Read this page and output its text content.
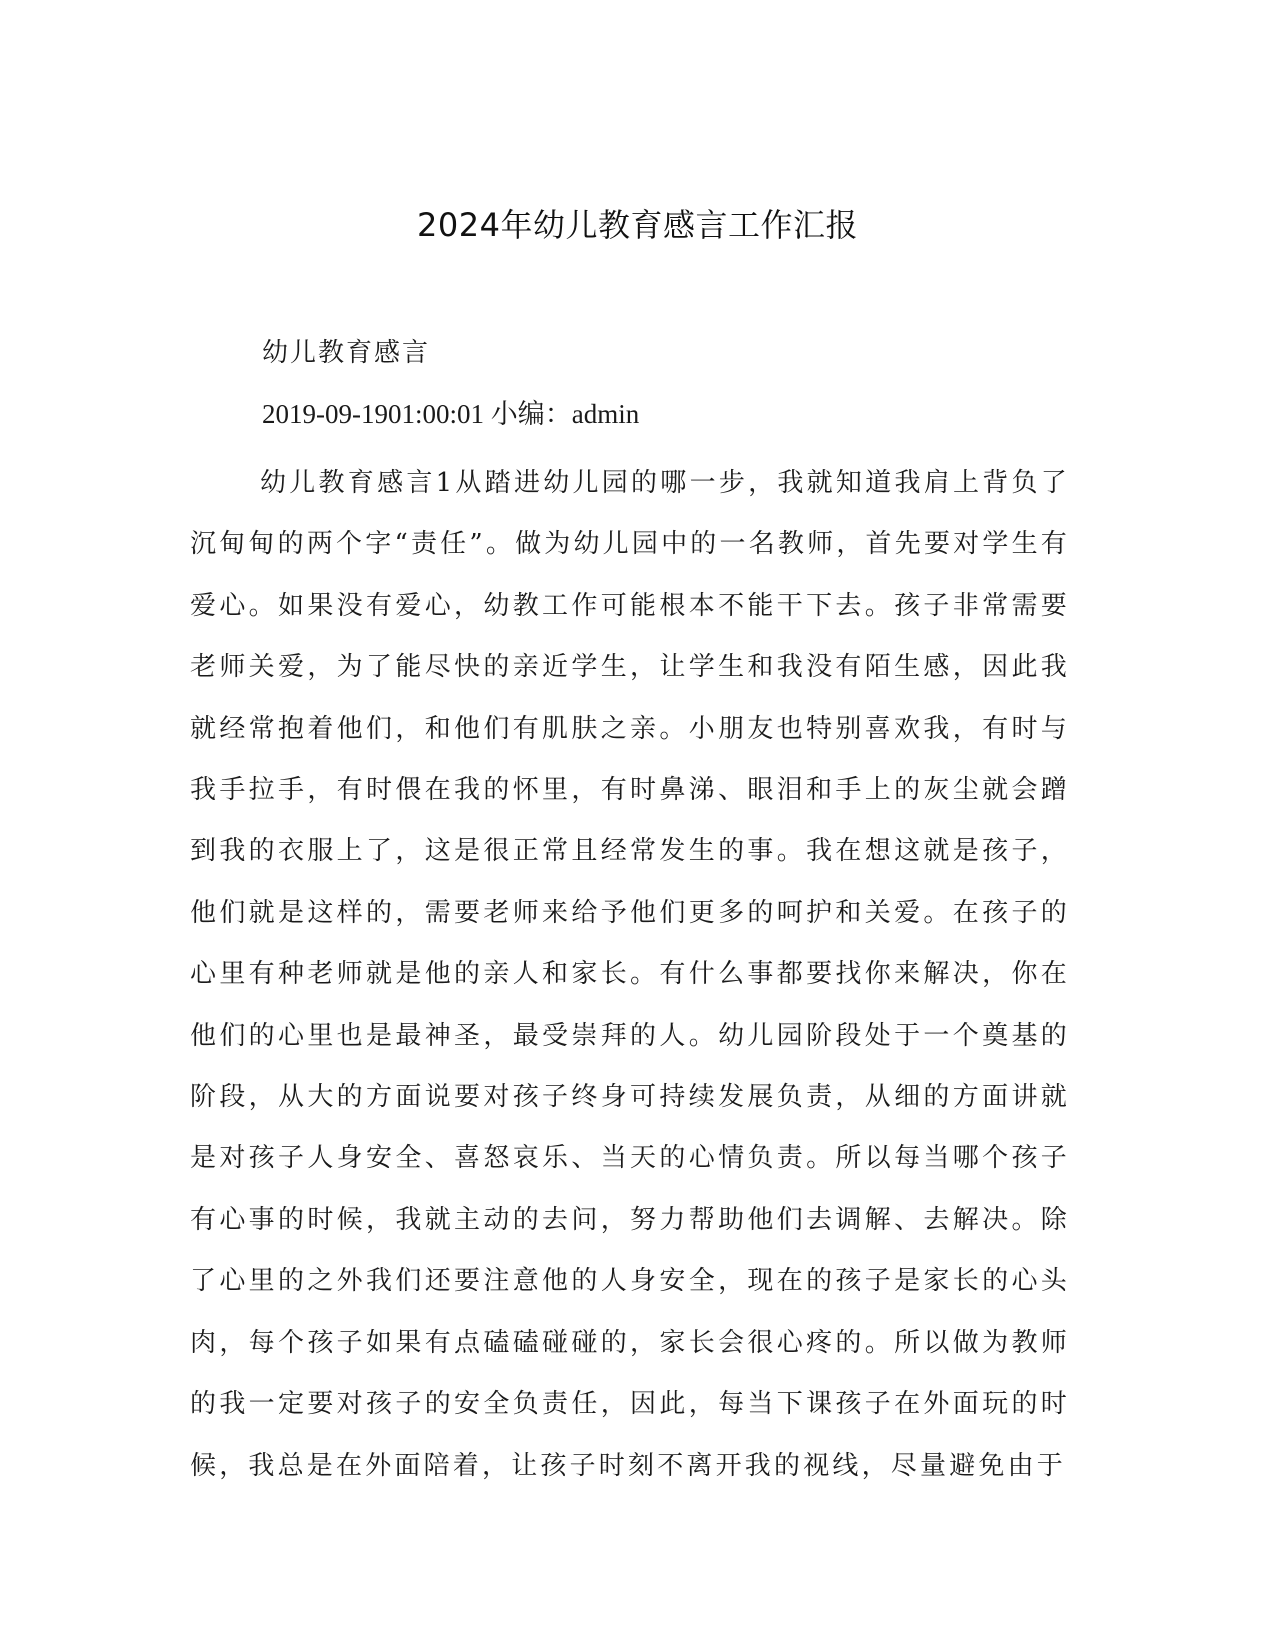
2024年幼儿教育感言工作汇报
幼儿教育感言
2019-09-1901:00:01 小编：admin

幼儿教育感言1从踏进幼儿园的哪一步，我就知道我肩上背负了沉甸甸的两个字“责任”。做为幼儿园中的一名教师，首先要对学生有爱心。如果没有爱心，幼教工作可能根本不能干下去。孩子非常需要老师关爱，为了能尽快的亲近学生，让学生和我没有陌生感，因此我就经常抱着他们，和他们有肌肤之亲。小朋友也特别喜欢我，有时与我手拉手，有时偎在我的怀里，有时鼻涕、眼泪和手上的灰尘就会蹭到我的衣服上了，这是很正常且经常发生的事。我在想这就是孩子，他们就是这样的，需要老师来给予他们更多的呵护和关爱。在孩子的心里有种老师就是他的亲人和家长。有什么事都要找你来解决，你在他们的心里也是最神圣，最受崇拜的人。幼儿园阶段处于一个奠基的阶段，从大的方面说要对孩子终身可持续发展负责，从细的方面讲就是对孩子人身安全、喜怒哀乐、当天的心情负责。所以每当哪个孩子有心事的时候，我就主动的去问，努力帮助他们去调解、去解决。除了心里的之外我们还要注意他的人身安全，现在的孩子是家长的心头肉，每个孩子如果有点磕磕碰碰的，家长会很心疼的。所以做为教师的我一定要对孩子的安全负责任，因此，每当下课孩子在外面玩的时候，我总是在外面陪着，让孩子时刻不离开我的视线，尽量避免由于
